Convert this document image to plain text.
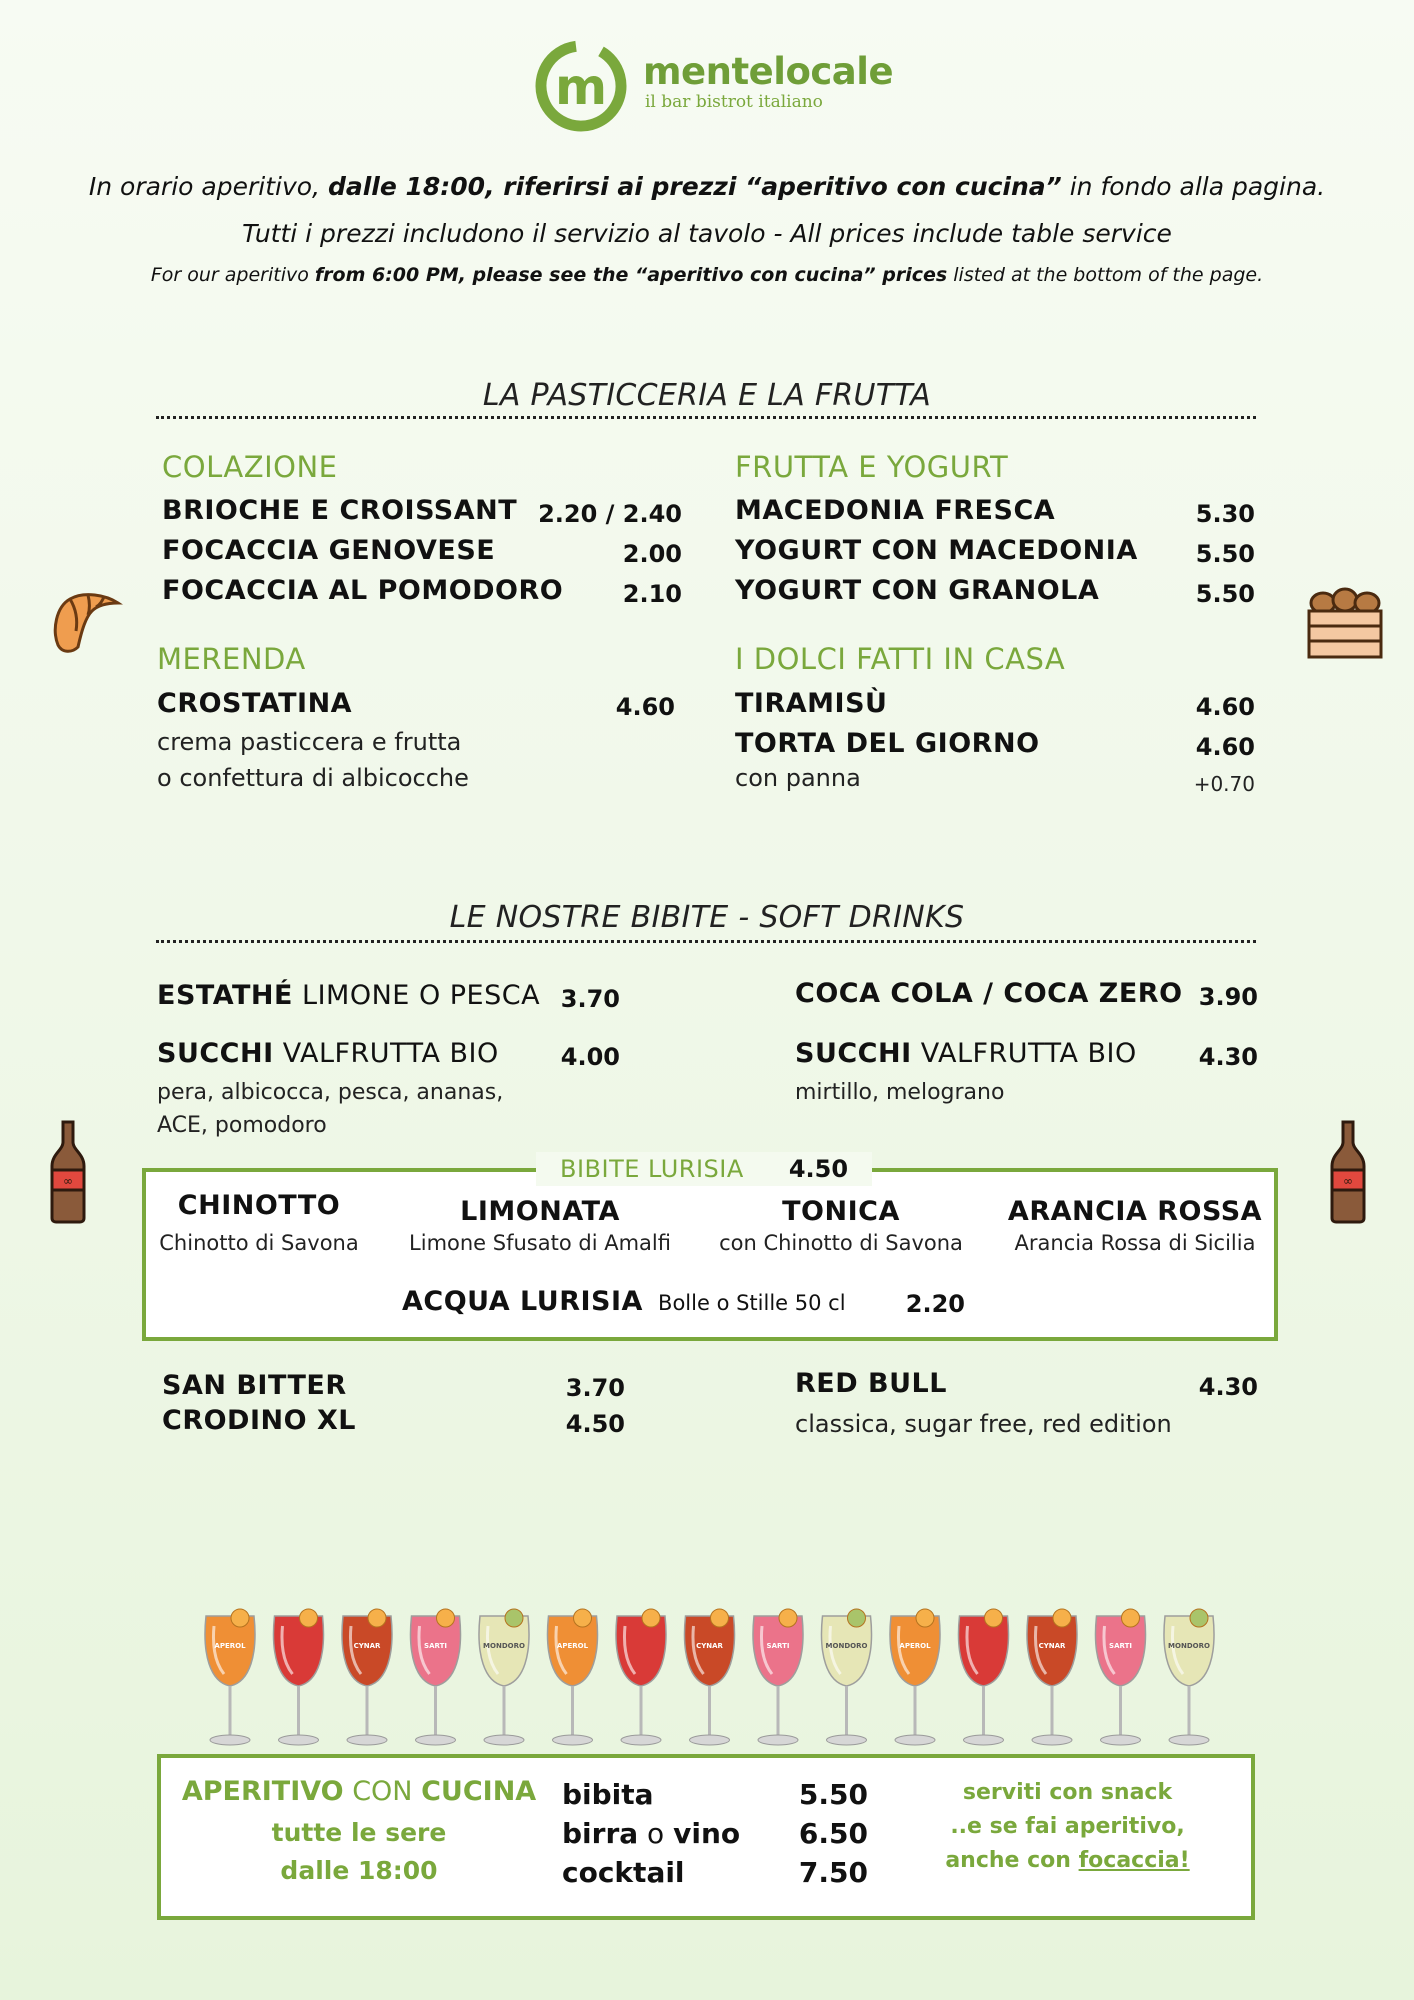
m mentelocale
il bar bistrot italiano
In orario aperitivo, dalle 18:00, riferirsi ai prezzi “aperitivo con cucina” in fondo alla pagina.
Tutti i prezzi includono il servizio al tavolo - All prices include table service
For our aperitivo from 6:00 PM, please see the “aperitivo con cucina” prices listed at the bottom of the page.
LA PASTICCERIA E LA FRUTTA
COLAZIONE
BRIOCHE E CROISSANT 2.20 / 2.40
FOCACCIA GENOVESE	2.00
FOCACCIA AL POMODORO	2.10
MERENDA
CROSTATINA	4.60
crema pasticcera e frutta
o confettura di albicocche
FRUTTA E YOGURT
MACEDONIA FRESCA	5.30
YOGURT CON MACEDONIA	5.50
YOGURT CON GRANOLA	5.50
I DOLCI FATTI IN CASA
TIRAMISÙ	4.60
TORTA DEL GIORNO	4.60
con panna	+0.70
LE NOSTRE BIBITE - SOFT DRINKS
ESTATHÉ LIMONE O PESCA 3.70
SUCCHI VALFRUTTA BIO	4.00
pera, albicocca, pesca, ananas,
ACE, pomodoro
COCA COLA / COCA ZERO 3.90
SUCCHI VALFRUTTA BIO	4.30
mirtillo, melograno
∞	∞
BIBITE LURISIA 4.50
CHINOTTO
Chinotto di Savona
LIMONATA
Limone Sfusato di Amalfi
TONICA
con Chinotto di Savona
ARANCIA ROSSA
Arancia Rossa di Sicilia
ACQUA LURISIA Bolle o Stille 50 cl	2.20
SAN BITTER	3.70
CRODINO XL	4.50
RED BULL	4.30
classica, sugar free, red edition
APEROL	CYNAR	SARTI	MONDORO	APEROL	CYNAR	SARTI	MONDORO	APEROL	CYNAR	SARTI	MONDORO
APERITIVO CON CUCINA
tutte le sere
dalle 18:00
bibita	5.50
birra o vino	6.50
cocktail	7.50
serviti con snack
..e se fai aperitivo,
anche con focaccia!
